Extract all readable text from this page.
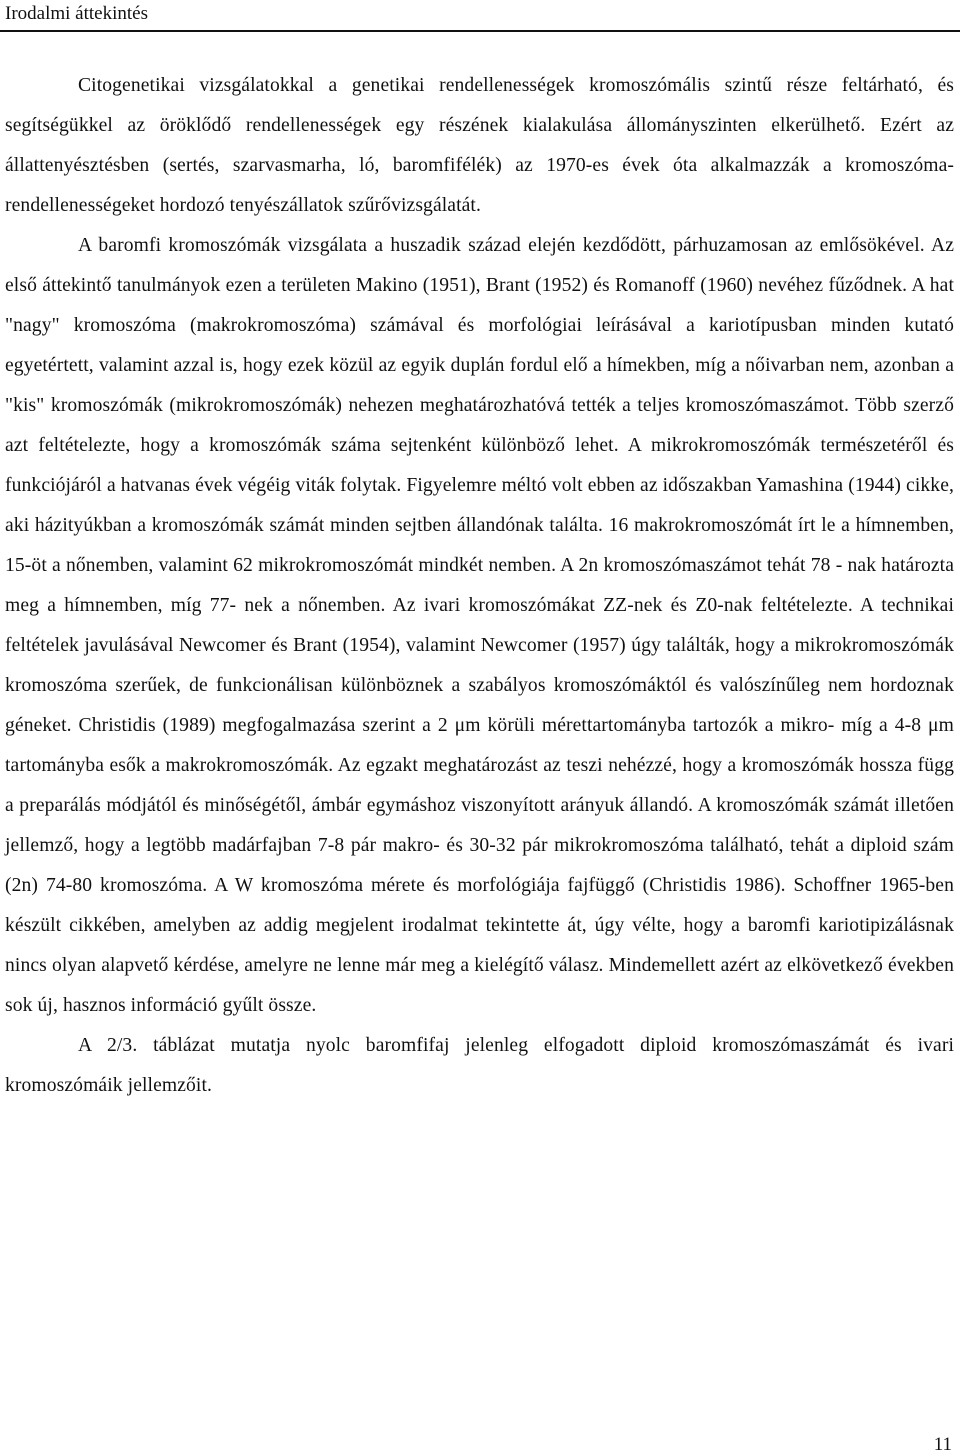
Irodalmi áttekintés

Citogenetikai vizsgálatokkal a genetikai rendellenességek kromoszómális szintű része feltárható, és segítségükkel az öröklődő rendellenességek egy részének kialakulása állományszinten elkerülhető. Ezért az állattenyésztésben (sertés, szarvasmarha, ló, baromfifélék) az 1970-es évek óta alkalmazzák a kromoszóma-rendellenességeket hordozó tenyészállatok szűrővizsgálatát.

A baromfi kromoszómák vizsgálata a huszadik század elején kezdődött, párhuzamosan az emlősökével. Az első áttekintő tanulmányok ezen a területen Makino (1951), Brant (1952) és Romanoff (1960) nevéhez fűződnek. A hat "nagy" kromoszóma (makrokromoszóma) számával és morfológiai leírásával a kariotípusban minden kutató egyetértett, valamint azzal is, hogy ezek közül az egyik duplán fordul elő a hímekben, míg a nőivarban nem, azonban a "kis" kromoszómák (mikrokromoszómák) nehezen meghatározhatóvá tették a teljes kromoszómaszámot. Több szerző azt feltételezte, hogy a kromoszómák száma sejtenként különböző lehet. A mikrokromoszómák természetéről és funkciójáról a hatvanas évek végéig viták folytak. Figyelemre méltó volt ebben az időszakban Yamashina (1944) cikke, aki házityúkban a kromoszómák számát minden sejtben állandónak találta. 16 makrokromoszómát írt le a hímnemben, 15-öt a nőnemben, valamint 62 mikrokromoszómát mindkét nemben. A 2n kromoszómaszámot tehát 78 - nak határozta meg a hímnemben, míg 77- nek a nőnemben. Az ivari kromoszómákat ZZ-nek és Z0-nak feltételezte. A technikai feltételek javulásával Newcomer és Brant (1954), valamint Newcomer (1957) úgy találták, hogy a mikrokromoszómák kromoszóma szerűek, de funkcionálisan különböznek a szabályos kromoszómáktól és valószínűleg nem hordoznak géneket. Christidis (1989) megfogalmazása szerint a 2 μm körüli mérettartományba tartozók a mikro- míg a 4-8 μm tartományba esők a makrokromoszómák. Az egzakt meghatározást az teszi nehézzé, hogy a kromoszómák hossza függ a preparálás módjától és minőségétől, ámbár egymáshoz viszonyított arányuk állandó. A kromoszómák számát illetően jellemző, hogy a legtöbb madárfajban 7-8 pár makro- és 30-32 pár mikrokromoszóma található, tehát a diploid szám (2n) 74-80 kromoszóma. A W kromoszóma mérete és morfológiája fajfüggő (Christidis 1986). Schoffner 1965-ben készült cikkében, amelyben az addig megjelent irodalmat tekintette át, úgy vélte, hogy a baromfi kariotipizálásnak nincs olyan alapvető kérdése, amelyre ne lenne már meg a kielégítő válasz. Mindemellett azért az elkövetkező években sok új, hasznos információ gyűlt össze.

A 2/3. táblázat mutatja nyolc baromfifaj jelenleg elfogadott diploid kromoszómaszámát és ivari kromoszómáik jellemzőit.

11
